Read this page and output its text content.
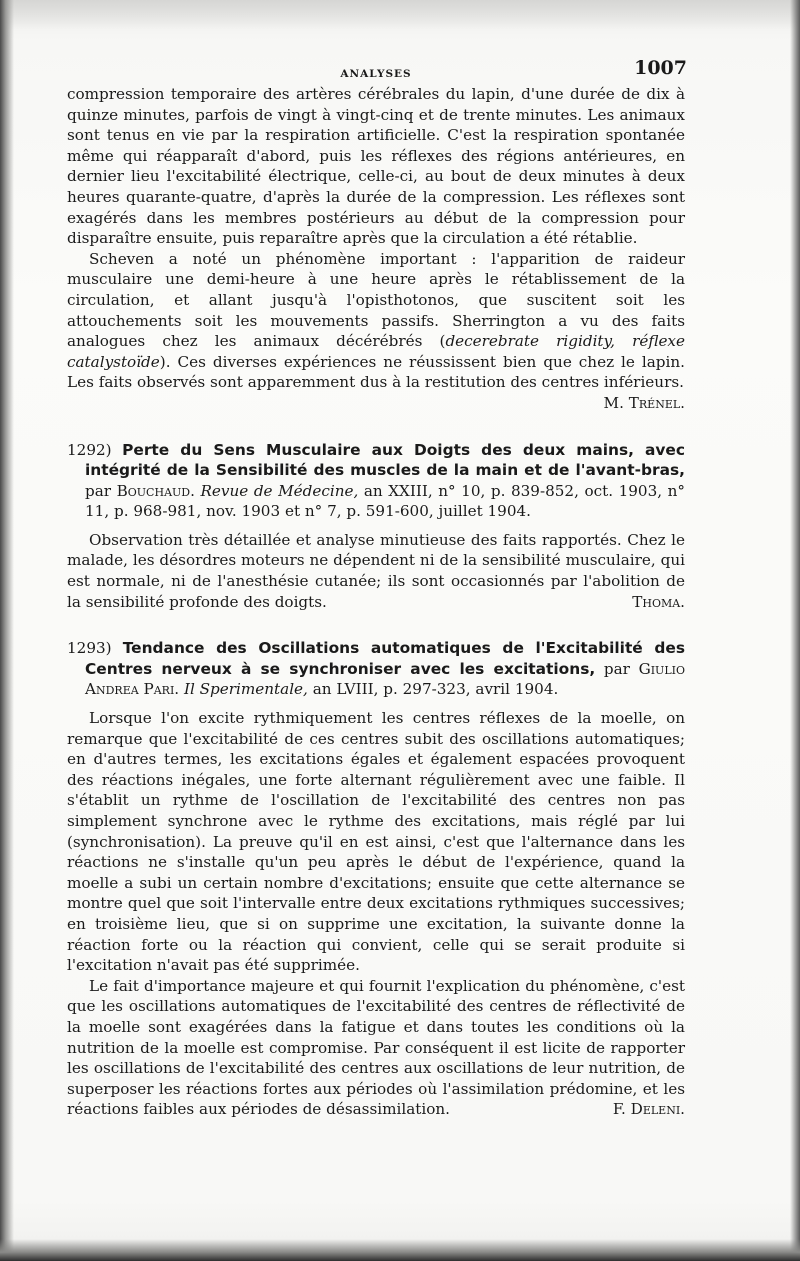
ANALYSES	1007

compression temporaire des artères cérébrales du lapin, d'une durée de dix à quinze minutes, parfois de vingt à vingt-cinq et de trente minutes. Les animaux sont tenus en vie par la respiration artificielle. C'est la respiration spontanée même qui réapparaît d'abord, puis les réflexes des régions antérieures, en dernier lieu l'excitabilité électrique, celle-ci, au bout de deux minutes à deux heures quarante-quatre, d'après la durée de la compression. Les réflexes sont exagérés dans les membres postérieurs au début de la compression pour disparaître ensuite, puis reparaître après que la circulation a été rétablie.

Scheven a noté un phénomène important : l'apparition de raideur musculaire une demi-heure à une heure après le rétablissement de la circulation, et allant jusqu'à l'opisthotonos, que suscitent soit les attouchements soit les mouvements passifs. Sherrington a vu des faits analogues chez les animaux décérébrés (decerebrate rigidity, réflexe catalystoïde). Ces diverses expériences ne réussissent bien que chez le lapin. Les faits observés sont apparemment dus à la restitution des centres inférieurs.
M. Trénel.

1292) Perte du Sens Musculaire aux Doigts des deux mains, avec intégrité de la Sensibilité des muscles de la main et de l'avant-bras, par Bouchaud. Revue de Médecine, an XXIII, n° 10, p. 839-852, oct. 1903, n° 11, p. 968-981, nov. 1903 et n° 7, p. 591-600, juillet 1904.

Observation très détaillée et analyse minutieuse des faits rapportés. Chez le malade, les désordres moteurs ne dépendent ni de la sensibilité musculaire, qui est normale, ni de l'anesthésie cutanée; ils sont occasionnés par l'abolition de la sensibilité profonde des doigts.	Thoma.

1293) Tendance des Oscillations automatiques de l'Excitabilité des Centres nerveux à se synchroniser avec les excitations, par Giulio Andrea Pari. Il Sperimentale, an LVIII, p. 297-323, avril 1904.

Lorsque l'on excite rythmiquement les centres réflexes de la moelle, on remarque que l'excitabilité de ces centres subit des oscillations automatiques; en d'autres termes, les excitations égales et également espacées provoquent des réactions inégales, une forte alternant régulièrement avec une faible. Il s'établit un rythme de l'oscillation de l'excitabilité des centres non pas simplement synchrone avec le rythme des excitations, mais réglé par lui (synchronisation). La preuve qu'il en est ainsi, c'est que l'alternance dans les réactions ne s'installe qu'un peu après le début de l'expérience, quand la moelle a subi un certain nombre d'excitations; ensuite que cette alternance se montre quel que soit l'intervalle entre deux excitations rythmiques successives; en troisième lieu, que si on supprime une excitation, la suivante donne la réaction forte ou la réaction qui convient, celle qui se serait produite si l'excitation n'avait pas été supprimée.

Le fait d'importance majeure et qui fournit l'explication du phénomène, c'est que les oscillations automatiques de l'excitabilité des centres de réflectivité de la moelle sont exagérées dans la fatigue et dans toutes les conditions où la nutrition de la moelle est compromise. Par conséquent il est licite de rapporter les oscillations de l'excitabilité des centres aux oscillations de leur nutrition, de superposer les réactions fortes aux périodes où l'assimilation prédomine, et les réactions faibles aux périodes de désassimilation.	F. Deleni.
